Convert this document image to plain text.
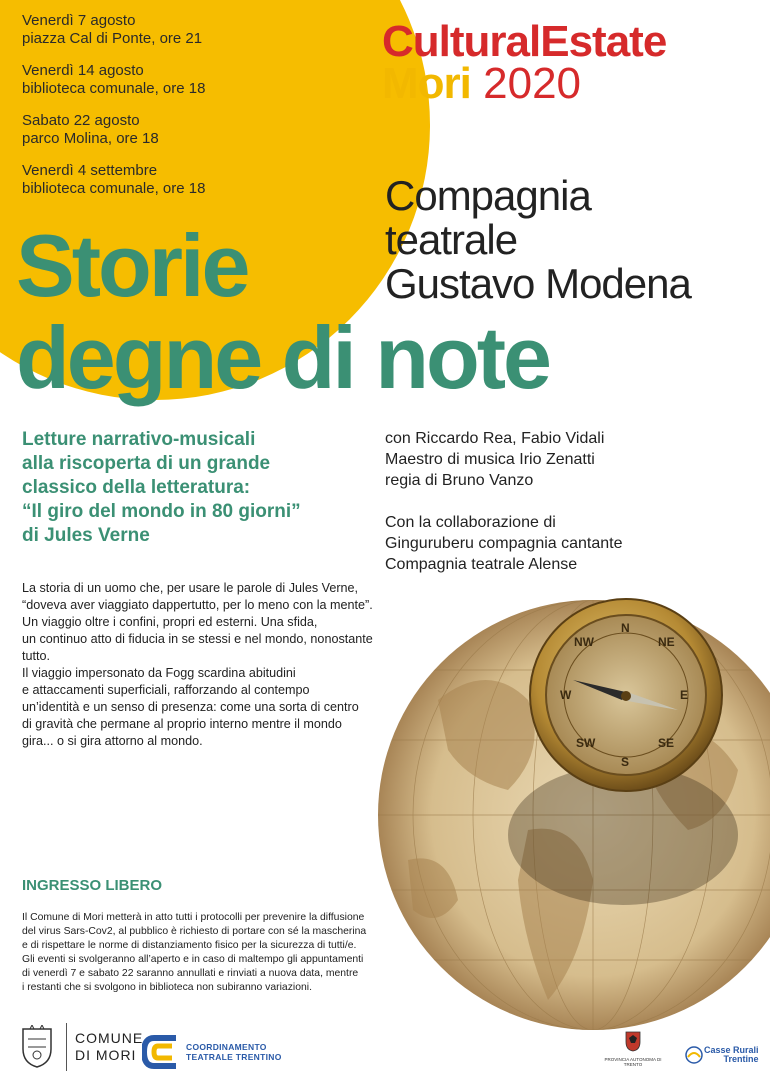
Venerdì 7 agosto
piazza Cal di Ponte, ore 21
Venerdì 14 agosto
biblioteca comunale, ore 18
Sabato 22 agosto
parco Molina, ore 18
Venerdì 4 settembre
biblioteca comunale, ore 18
CulturalEstate
Mori 2020
Compagnia
teatrale
Gustavo Modena
Storie
degne di note
Letture narrativo-musicali
alla riscoperta di un grande
classico della letteratura:
“Il giro del mondo in 80 giorni”
di Jules Verne
con Riccardo Rea, Fabio Vidali
Maestro di musica Irio Zenatti
regia di Bruno Vanzo
Con la collaborazione di
Ginguruberu compagnia cantante
Compagnia teatrale Alense

La storia di un uomo che, per usare le parole di Jules Verne,

“doveva aver viaggiato dappertutto, per lo meno con la mente”.

Un viaggio oltre i confini, propri ed esterni. Una sfida,

un continuo atto di fiducia in se stessi e nel mondo, nonostante

tutto.

Il viaggio impersonato da Fogg scardina abitudini

e attaccamenti superficiali, rafforzando al contempo

un’identità e un senso di presenza: come una sorta di centro

di gravità che permane al proprio interno mentre il mondo

gira... o si gira attorno al mondo.

N
NE
E
SE
S
SW
W
NW
INGRESSO LIBERO
Il Comune di Mori metterà in atto tutti i protocolli per prevenire la diffusione
del virus Sars-Cov2, al pubblico è richiesto di portare con sé la mascherina
e di rispettare le norme di distanziamento fisico per la sicurezza di tutti/e.
Gli eventi si svolgeranno all’aperto e in caso di maltempo gli appuntamenti
di venerdì 7 e sabato 22 saranno annullati e rinviati a nuova data, mentre
i restanti che si svolgono in biblioteca non subiranno variazioni.
COMUNE
DI MORI	COORDINAMENTO
TEATRALE TRENTINO	PROVINCIA AUTONOMA DI TRENTO
Casse Rurali
Trentine
